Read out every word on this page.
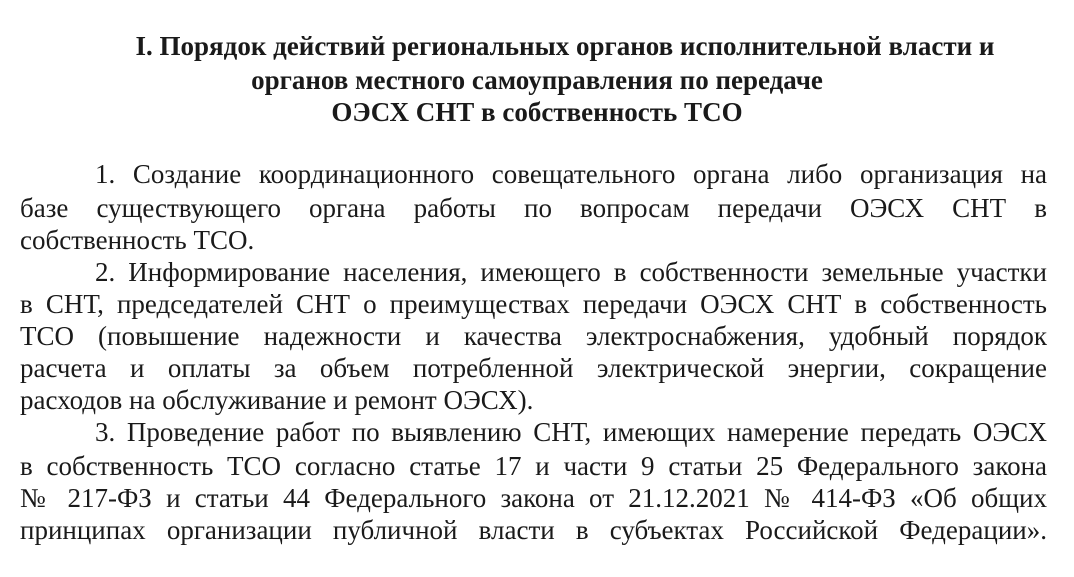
I. Порядок действий региональных органов исполнительной власти и

органов местного самоуправления по передаче

ОЭСХ СНТ в собственность ТСО

1. Создание координационного совещательного органа либо организация на

базе существующего органа работы по вопросам передачи ОЭСХ СНТ в

собственность ТСО.

2. Информирование населения, имеющего в собственности земельные участки

в СНТ, председателей СНТ о преимуществах передачи ОЭСХ СНТ в собственность

ТСО (повышение надежности и качества электроснабжения, удобный порядок

расчета и оплаты за объем потребленной электрической энергии, сокращение

расходов на обслуживание и ремонт ОЭСХ).

3. Проведение работ по выявлению СНТ, имеющих намерение передать ОЭСХ

в собственность ТСО согласно статье 17 и части 9 статьи 25 Федерального закона

№ 217-ФЗ и статьи 44 Федерального закона от 21.12.2021 № 414-ФЗ «Об общих

принципах организации публичной власти в субъектах Российской Федерации».
